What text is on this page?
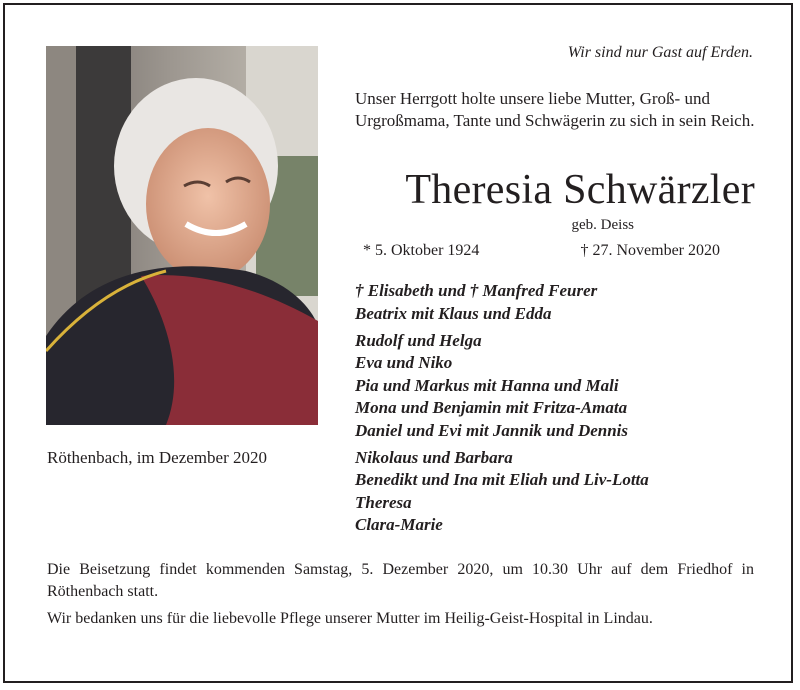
Wir sind nur Gast auf Erden.
Unser Herrgott holte unsere liebe Mutter, Groß- und Urgroßmama, Tante und Schwägerin zu sich in sein Reich.
Theresia Schwärzler
geb. Deiss
* 5. Oktober 1924	† 27. November 2020
† Elisabeth und † Manfred Feurer
Beatrix mit Klaus und Edda
Rudolf und Helga
Eva und Niko
Pia und Markus mit Hanna und Mali
Mona und Benjamin mit Fritza-Amata
Daniel und Evi mit Jannik und Dennis
Nikolaus und Barbara
Benedikt und Ina mit Eliah und Liv-Lotta
Theresa
Clara-Marie
Röthenbach, im Dezember 2020
Die Beisetzung findet kommenden Samstag, 5. Dezember 2020, um 10.30 Uhr auf dem Friedhof in Röthenbach statt.
Wir bedanken uns für die liebevolle Pflege unserer Mutter im Heilig-Geist-Hospital in Lindau.
